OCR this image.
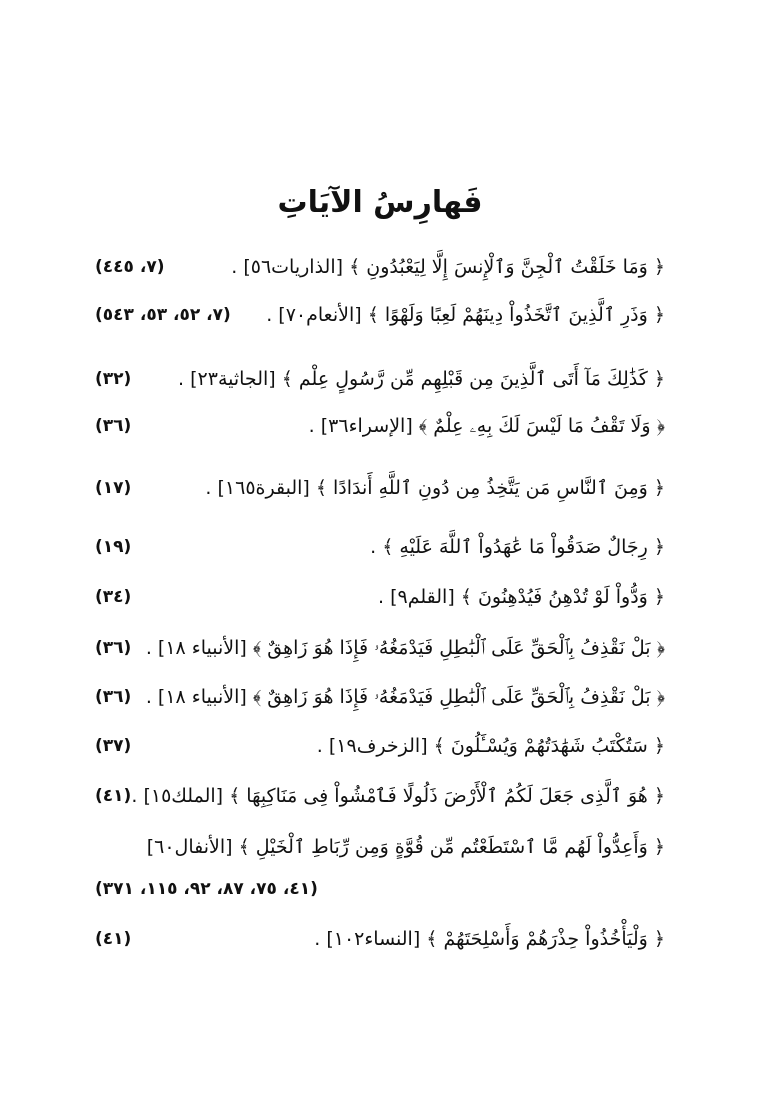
فَهارِسُ الآيَاتِ
﴿ وَمَا خَلَقْتُ ٱلْجِنَّ وَٱلْإِنسَ إِلَّا لِيَعْبُدُونِ ﴾ [الذاريات٥٦] .
(٧، ٤٤٥)
﴿ وَذَرِ ٱلَّذِينَ ٱتَّخَذُواْ دِينَهُمْ لَعِبًا وَلَهْوًا ﴾ [الأنعام٧٠] .
(٧، ٥٢، ٥٣، ٥٤٣)
﴿ كَذَٰلِكَ مَآ أَتَى ٱلَّذِينَ مِن قَبْلِهِم مِّن رَّسُولٍ عِلْم ﴾ [الجاثية٢٣] .
(٣٢)
﴿ وَلَا تَقْفُ مَا لَيْسَ لَكَ بِهِۦ عِلْمٌ ﴾ [الإسراء٣٦] .
(٣٦)
﴿ وَمِنَ ٱلنَّاسِ مَن يَتَّخِذُ مِن دُونِ ٱللَّهِ أَندَادًا ﴾ [البقرة١٦٥] .
(١٧)
﴿ رِجَالٌ صَدَقُواْ مَا عَٰهَدُواْ ٱللَّهَ عَلَيْهِ ﴾ .
(١٩)
﴿ وَدُّواْ لَوْ تُدْهِنُ فَيُدْهِنُونَ ﴾ [القلم٩] .
(٣٤)
﴿ بَلْ نَقْذِفُ بِٱلْحَقِّ عَلَى ٱلْبَٰطِلِ فَيَدْمَغُهُۥ فَإِذَا هُوَ زَاهِقٌ ﴾ [الأنبياء ١٨] .
(٣٦)
﴿ بَلْ نَقْذِفُ بِٱلْحَقِّ عَلَى ٱلْبَٰطِلِ فَيَدْمَغُهُۥ فَإِذَا هُوَ زَاهِقٌ ﴾ [الأنبياء ١٨] .
(٣٦)
﴿ سَتُكْتَبُ شَهَٰدَتُهُمْ وَيُسْـَٔلُونَ ﴾ [الزخرف١٩] .
(٣٧)
﴿ هُوَ ٱلَّذِى جَعَلَ لَكُمُ ٱلْأَرْضَ ذَلُولًا فَٱمْشُواْ فِى مَنَاكِبِهَا ﴾ [الملك١٥] .
(٤١)
﴿ وَأَعِدُّواْ لَهُم مَّا ٱسْتَطَعْتُم مِّن قُوَّةٍ وَمِن رِّبَاطِ ٱلْخَيْلِ ﴾ [الأنفال٦٠]
(٤١، ٧٥، ٨٧، ٩٢، ١١٥، ٣٧١)
﴿ وَلْيَأْخُذُواْ حِذْرَهُمْ وَأَسْلِحَتَهُمْ ﴾ [النساء١٠٢] .
(٤١)
